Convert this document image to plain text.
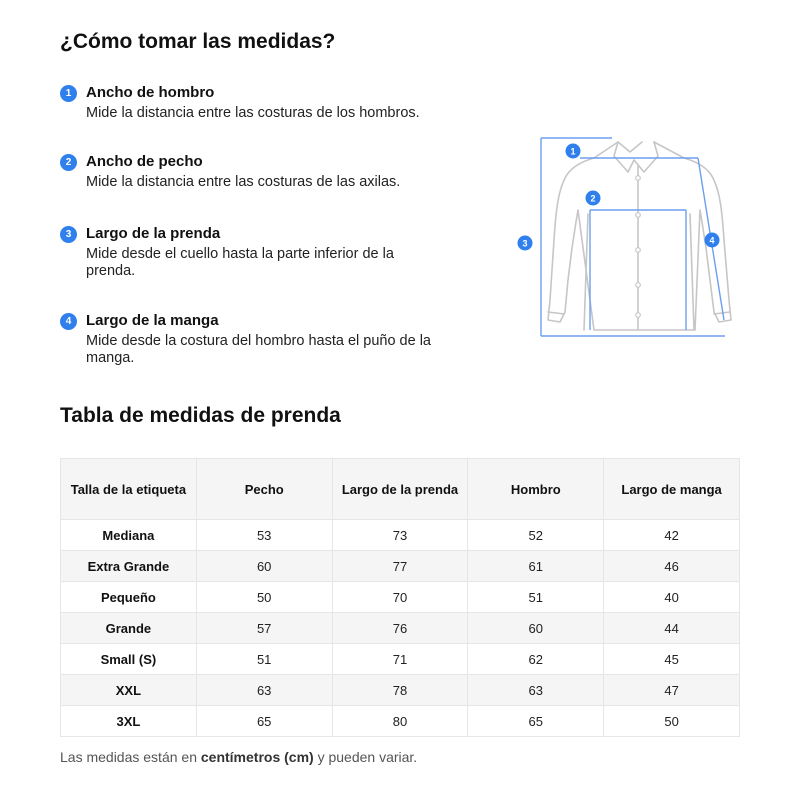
¿Cómo tomar las medidas?
1 Ancho de hombro
Mide la distancia entre las costuras de los hombros.
2 Ancho de pecho
Mide la distancia entre las costuras de las axilas.
3 Largo de la prenda
Mide desde el cuello hasta la parte inferior de la prenda.
4 Largo de la manga
Mide desde la costura del hombro hasta el puño de la manga.
1
2
3	4
Tabla de medidas de prenda
Talla de la etiqueta	Pecho	Largo de la prenda	Hombro	Largo de manga
Mediana	53	73	52	42
Extra Grande	60	77	61	46
Pequeño	50	70	51	40
Grande	57	76	60	44
Small (S)	51	71	62	45
XXL	63	78	63	47
3XL	65	80	65	50
Las medidas están en centímetros (cm) y pueden variar.
